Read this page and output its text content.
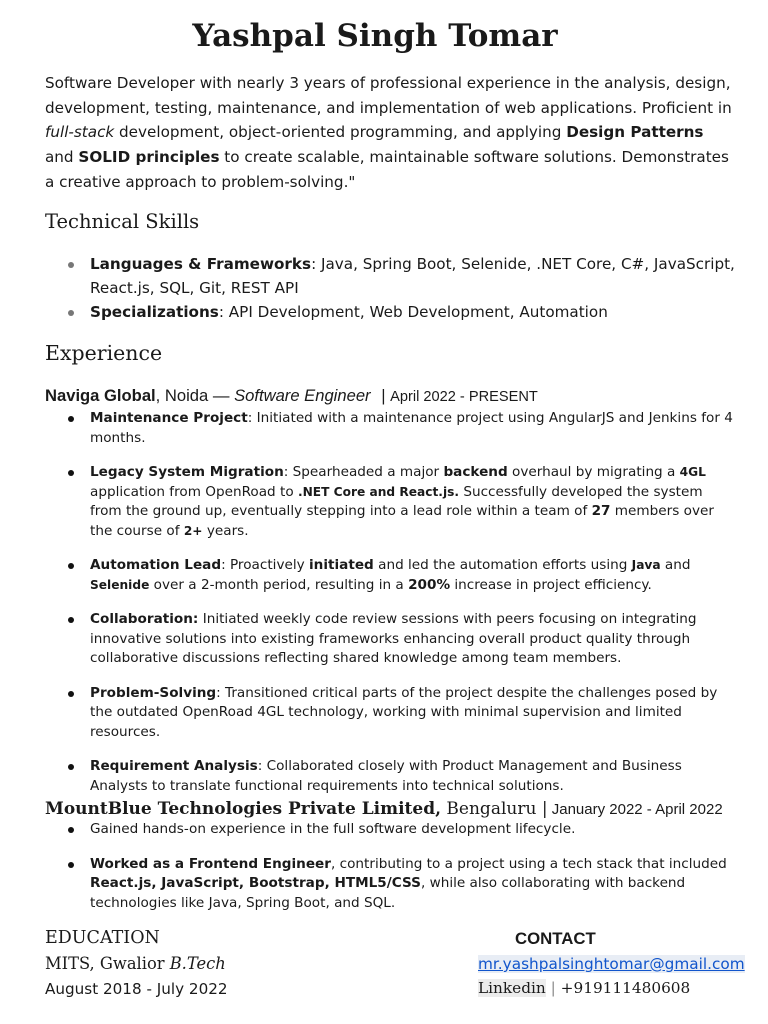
Yashpal Singh Tomar
Software Developer with nearly 3 years of professional experience in the analysis, design, development, testing, maintenance, and implementation of web applications. Proficient in full-stack development, object-oriented programming, and applying Design Patterns and SOLID principles to create scalable, maintainable software solutions. Demonstrates a creative approach to problem-solving."
Technical Skills
Languages & Frameworks: Java, Spring Boot, Selenide, .NET Core, C#, JavaScript, React.js, SQL, Git, REST API
Specializations: API Development, Web Development, Automation
Experience
Naviga Global, Noida — Software Engineer | April 2022 - PRESENT
Maintenance Project: Initiated with a maintenance project using AngularJS and Jenkins for 4 months.
Legacy System Migration: Spearheaded a major backend overhaul by migrating a 4GL application from OpenRoad to .NET Core and React.js. Successfully developed the system from the ground up, eventually stepping into a lead role within a team of 27 members over the course of 2+ years.
Automation Lead: Proactively initiated and led the automation efforts using Java and Selenide over a 2-month period, resulting in a 200% increase in project efficiency.
Collaboration: Initiated weekly code review sessions with peers focusing on integrating innovative solutions into existing frameworks enhancing overall product quality through collaborative discussions reflecting shared knowledge among team members.
Problem-Solving: Transitioned critical parts of the project despite the challenges posed by the outdated OpenRoad 4GL technology, working with minimal supervision and limited resources.
Requirement Analysis: Collaborated closely with Product Management and Business Analysts to translate functional requirements into technical solutions.
MountBlue Technologies Private Limited, Bengaluru | January 2022 - April 2022
Gained hands-on experience in the full software development lifecycle.
Worked as a Frontend Engineer, contributing to a project using a tech stack that included React.js, JavaScript, Bootstrap, HTML5/CSS, while also collaborating with backend technologies like Java, Spring Boot, and SQL.
EDUCATION
MITS, Gwalior B.Tech
August 2018 - July 2022
CONTACT
mr.yashpalsinghtomar@gmail.com
Linkedin | +919111480608
